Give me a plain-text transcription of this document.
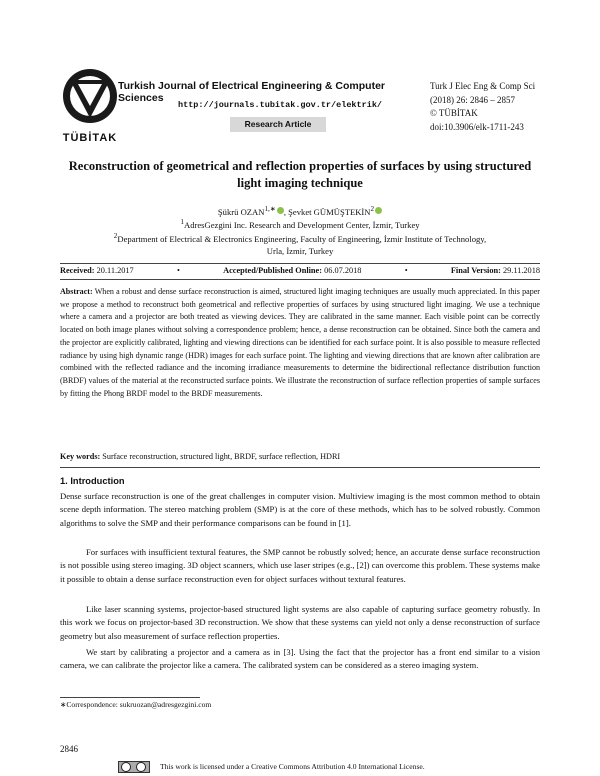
TÜBİTAK
Turkish Journal of Electrical Engineering & Computer Sciences
http://journals.tubitak.gov.tr/elektrik/
Research Article
Turk J Elec Eng & Comp Sci
(2018) 26: 2846 – 2857
© TÜBİTAK
doi:10.3906/elk-1711-243
Reconstruction of geometrical and reflection properties of surfaces by using structured light imaging technique
Şükrü $OZAN^{1,∗}$ , Şevket GÜMÜŞTEKİN$^2$
$^1$AdresGezgini Inc. Research and Development Center, İzmir, Turkey
$^2$Department of Electrical & Electronics Engineering, Faculty of Engineering, İzmir Institute of Technology,
Urla, İzmir, Turkey
Received: 20.11.2017	•	Accepted/Published Online: 06.07.2018	•	Final Version: 29.11.2018
Abstract: When a robust and dense surface reconstruction is aimed, structured light imaging techniques are usually much appreciated. In this paper we propose a method to reconstruct both geometrical and reflective properties of surfaces by using structured light imaging. We use a technique where a camera and a projector are both treated as viewing devices. They are calibrated in the same manner. Each visible point can be correctly located on both image planes without solving a correspondence problem; hence, a dense reconstruction can be obtained. Since both the camera and the projector are explicitly calibrated, lighting and viewing directions can be identified for each surface point. It is also possible to measure reflected radiance by using high dynamic range (HDR) images for each surface point. The lighting and viewing directions that are known after calibration are combined with the reflected radiance and the incoming irradiance measurements to determine the bidirectional reflectance distribution function (BRDF) values of the material at the reconstructed surface points. We illustrate the reconstruction of surface reflection properties of sample surfaces by fitting the Phong BRDF model to the BRDF measurements.
Key words: Surface reconstruction, structured light, BRDF, surface reflection, HDRI
1. Introduction
Dense surface reconstruction is one of the great challenges in computer vision. Multiview imaging is the most common method to obtain scene depth information. The stereo matching problem (SMP) is at the core of these methods, which has to be solved robustly. Common algorithms to solve the SMP and their performance comparisons can be found in [1].
For surfaces with insufficient textural features, the SMP cannot be robustly solved; hence, an accurate dense surface reconstruction is not possible using stereo imaging. 3D object scanners, which use laser stripes (e.g., [2]) can overcome this problem. These systems make it possible to obtain a dense surface reconstruction even for object surfaces without textural features.
Like laser scanning systems, projector-based structured light systems are also capable of capturing surface geometry robustly. In this work we focus on projector-based 3D reconstruction. We show that these systems can yield not only a dense reconstruction of surface geometry but also measurement of surface reflection properties.
We start by calibrating a projector and a camera as in [3]. Using the fact that the projector has a front end similar to a vision camera, we can calibrate the projector like a camera. The calibrated system can be considered as a stereo imaging system.
∗Correspondence: sukruozan@adresgezgini.com
2846
This work is licensed under a Creative Commons Attribution 4.0 International License.
